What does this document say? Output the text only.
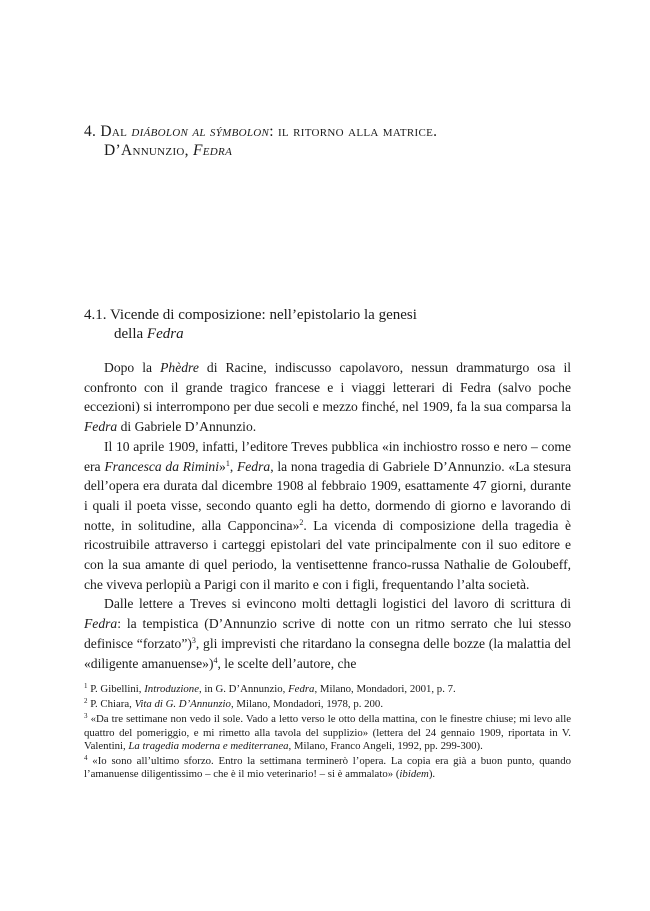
4. Dal diábolon al sýmbolon: il ritorno alla matrice.
D’Annunzio, Fedra
4.1. Vicende di composizione: nell’epistolario la genesi
della Fedra

Dopo la Phèdre di Racine, indiscusso capolavoro, nessun drammaturgo osa il confronto con il grande tragico francese e i viaggi letterari di Fedra (salvo poche eccezioni) si interrompono per due secoli e mezzo finché, nel 1909, fa la sua comparsa la Fedra di Gabriele D’Annunzio.

Il 10 aprile 1909, infatti, l’editore Treves pubblica «in inchiostro rosso e nero – come era Francesca da Rimini»$^1$, Fedra, la nona tragedia di Gabriele D’Annunzio. «La stesura dell’opera era durata dal dicembre 1908 al febbraio 1909, esattamente 47 giorni, durante i quali il poeta visse, secondo quanto egli ha detto, dormendo di giorno e lavorando di notte, in solitudine, alla Capponcina»$^2$. La vicenda di composizione della tragedia è ricostruibile attraverso i carteggi epistolari del vate principalmente con il suo editore e con la sua amante di quel periodo, la ventisettenne franco-russa Nathalie de Goloubeff, che viveva perlopiù a Parigi con il marito e con i figli, frequentando l’alta società.

Dalle lettere a Treves si evincono molti dettagli logistici del lavoro di scrittura di Fedra: la tempistica (D’Annunzio scrive di notte con un ritmo serrato che lui stesso definisce “forzato”)$^3$, gli imprevisti che ritardano la consegna delle bozze (la malattia del «diligente amanuense»)$^4$, le scelte dell’autore, che

$^1$ P. Gibellini, Introduzione, in G. D’Annunzio, Fedra, Milano, Mondadori, 2001, p. 7.

$^2$ P. Chiara, Vita di G. D’Annunzio, Milano, Mondadori, 1978, p. 200.

$^3$ «Da tre settimane non vedo il sole. Vado a letto verso le otto della mattina, con le finestre chiuse; mi levo alle quattro del pomeriggio, e mi rimetto alla tavola del supplizio» (lettera del 24 gennaio 1909, riportata in V. Valentini, La tragedia moderna e mediterranea, Milano, Franco Angeli, 1992, pp. 299-300).

$^4$ «Io sono all’ultimo sforzo. Entro la settimana terminerò l’opera. La copia era già a buon punto, quando l’amanuense diligentissimo – che è il mio veterinario! – si è ammalato» (ibidem).
